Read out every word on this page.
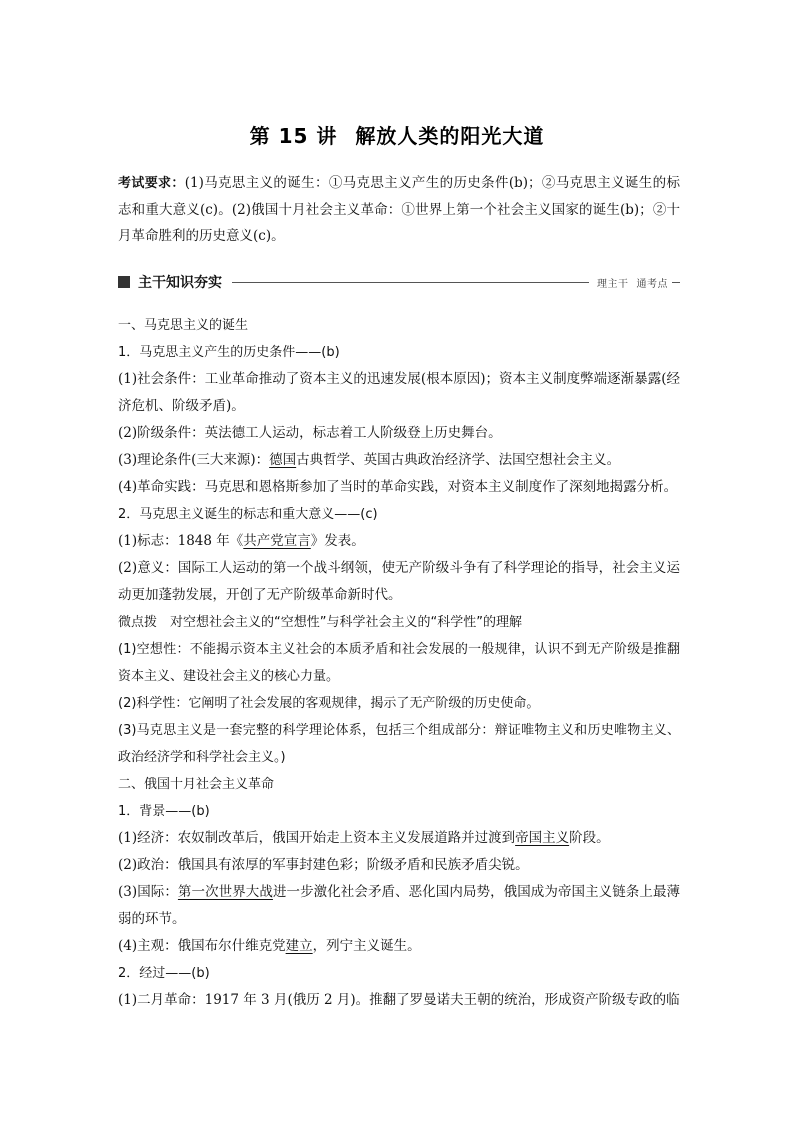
第 15 讲 解放人类的阳光大道
考试要求：(1)马克思主义的诞生：①马克思主义产生的历史条件(b)；②马克思主义诞生的标志和重大意义(c)。(2)俄国十月社会主义革命：①世界上第一个社会主义国家的诞生(b)；②十月革命胜利的历史意义(c)。
主干知识夯实	理主干 通考点
一、马克思主义的诞生
1．马克思主义产生的历史条件——(b)
(1)社会条件：工业革命推动了资本主义的迅速发展(根本原因)；资本主义制度弊端逐渐暴露(经济危机、阶级矛盾)。
(2)阶级条件：英法德工人运动，标志着工人阶级登上历史舞台。
(3)理论条件(三大来源)：德国古典哲学、英国古典政治经济学、法国空想社会主义。
(4)革命实践：马克思和恩格斯参加了当时的革命实践，对资本主义制度作了深刻地揭露分析。
2．马克思主义诞生的标志和重大意义——(c)
(1)标志：1848 年《共产党宣言》发表。
(2)意义：国际工人运动的第一个战斗纲领，使无产阶级斗争有了科学理论的指导，社会主义运动更加蓬勃发展，开创了无产阶级革命新时代。
微点拨　对空想社会主义的“空想性”与科学社会主义的“科学性”的理解
(1)空想性：不能揭示资本主义社会的本质矛盾和社会发展的一般规律，认识不到无产阶级是推翻资本主义、建设社会主义的核心力量。
(2)科学性：它阐明了社会发展的客观规律，揭示了无产阶级的历史使命。
(3)马克思主义是一套完整的科学理论体系，包括三个组成部分：辩证唯物主义和历史唯物主义、政治经济学和科学社会主义。)
二、俄国十月社会主义革命
1．背景——(b)
(1)经济：农奴制改革后，俄国开始走上资本主义发展道路并过渡到帝国主义阶段。
(2)政治：俄国具有浓厚的军事封建色彩；阶级矛盾和民族矛盾尖锐。
(3)国际：第一次世界大战进一步激化社会矛盾、恶化国内局势，俄国成为帝国主义链条上最薄弱的环节。
(4)主观：俄国布尔什维克党建立，列宁主义诞生。
2．经过——(b)
(1)二月革命：1917 年 3 月(俄历 2 月)。推翻了罗曼诺夫王朝的统治，形成资产阶级专政的临
